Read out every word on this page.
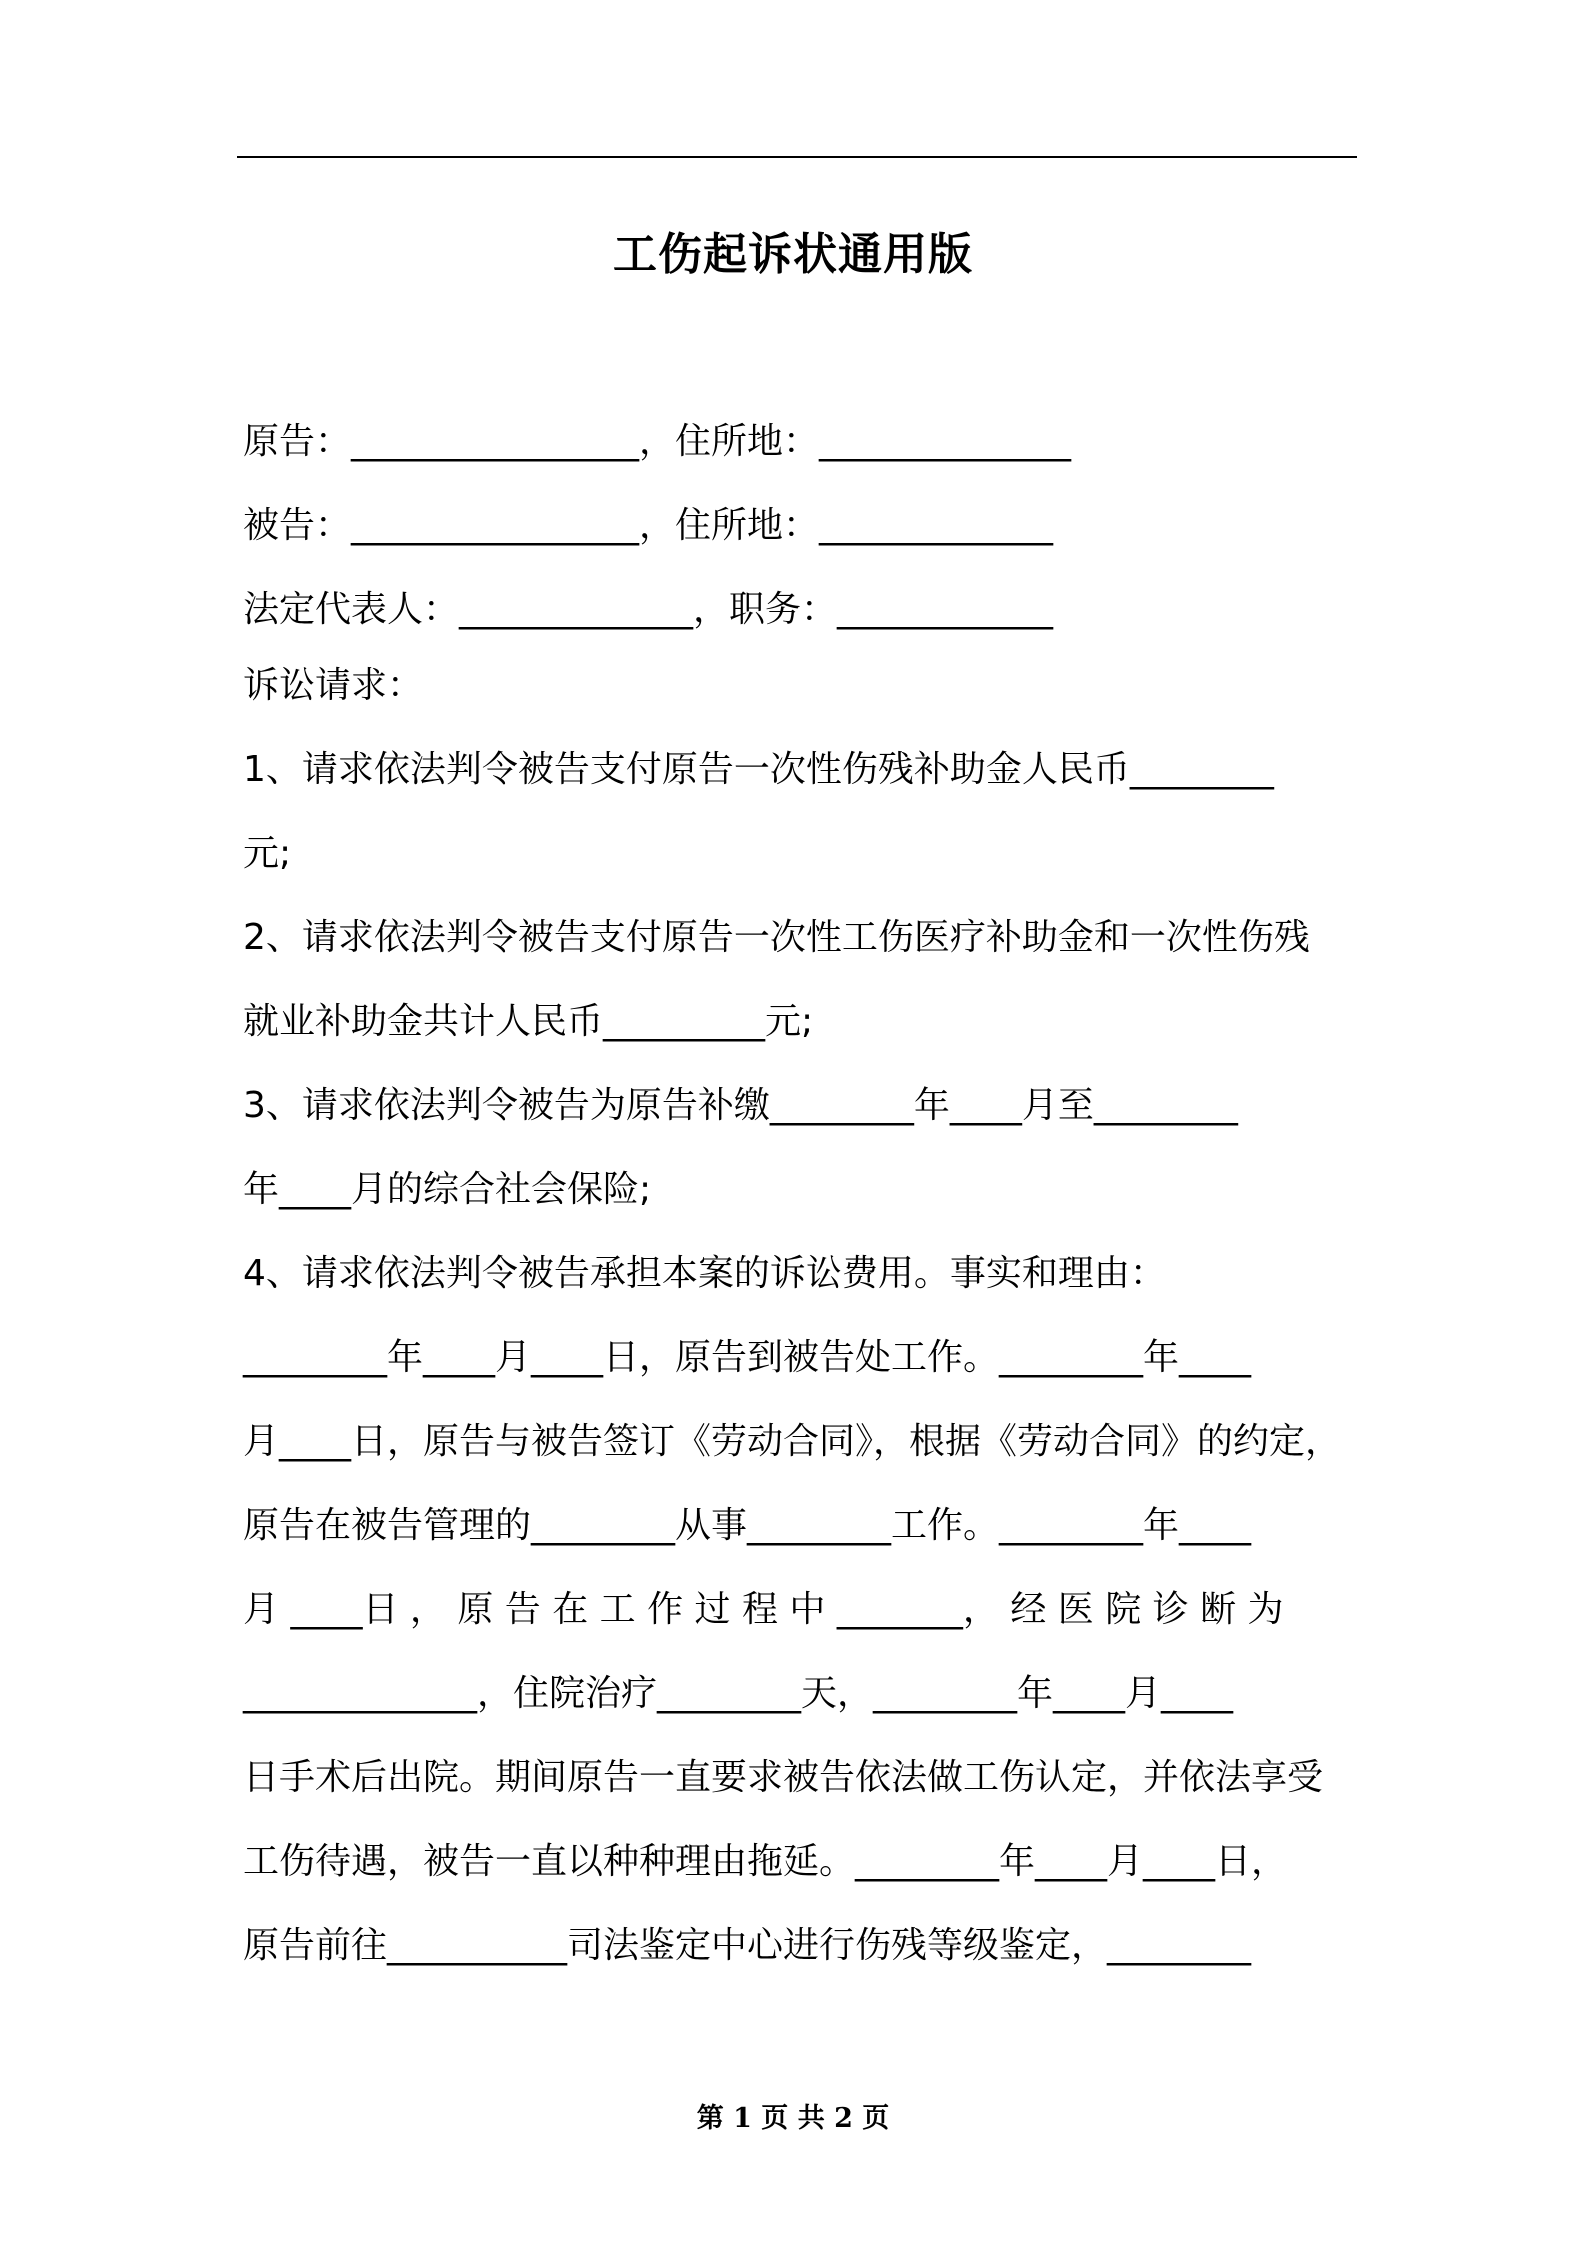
工伤起诉状通用版
原告：________________，住所地：______________
被告：________________，住所地：_____________
法定代表人：_____________，职务：____________
诉讼请求：
1、请求依法判令被告支付原告一次性伤残补助金人民币________
元;
2、请求依法判令被告支付原告一次性工伤医疗补助金和一次性伤残
就业补助金共计人民币_________元;
3、请求依法判令被告为原告补缴________年____月至________
年____月的综合社会保险;
4、请求依法判令被告承担本案的诉讼费用。事实和理由：
________年____月____日，原告到被告处工作。________年____
月____日，原告与被告签订《劳动合同》，根据《劳动合同》的约定，
原告在被告管理的________从事________工作。________年____
月 ____日 ， 原 告 在 工 作 过 程 中 _______， 经 医 院 诊 断 为
_____________，住院治疗________天，________年____月____
日手术后出院。期间原告一直要求被告依法做工伤认定，并依法享受
工伤待遇，被告一直以种种理由拖延。________年____月____日，
原告前往__________司法鉴定中心进行伤残等级鉴定，________
第 1 页 共 2 页
